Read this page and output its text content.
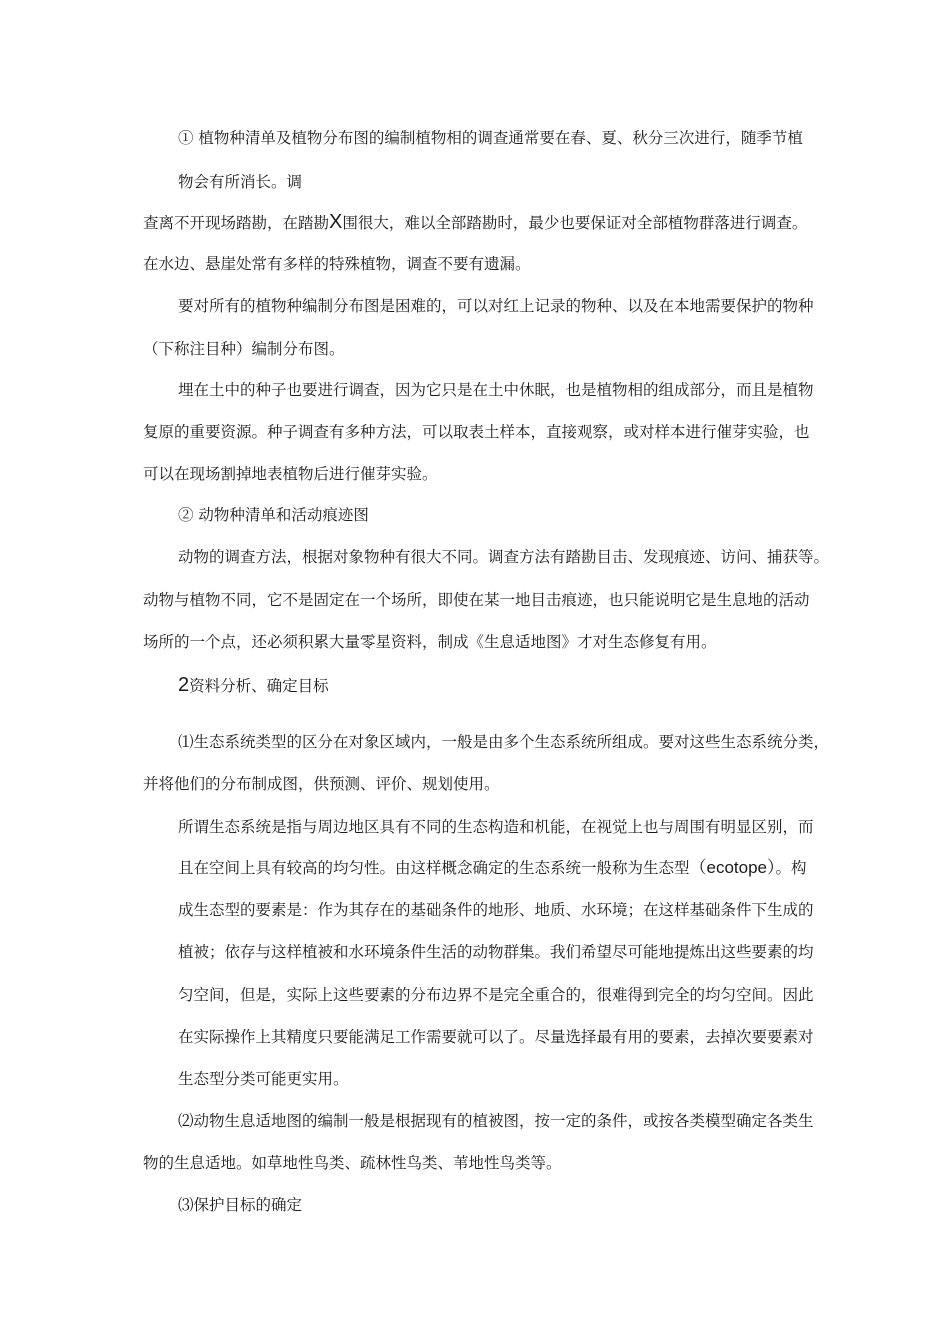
① 植物种清单及植物分布图的编制植物相的调查通常要在春、夏、秋分三次进行，随季节植

物会有所消长。调

查离不开现场踏勘，在踏勘X围很大，难以全部踏勘时，最少也要保证对全部植物群落进行调查。

在水边、悬崖处常有多样的特殊植物，调查不要有遗漏。

要对所有的植物种编制分布图是困难的，可以对红上记录的物种、以及在本地需要保护的物种

（下称注目种）编制分布图。

埋在土中的种子也要进行调查，因为它只是在土中休眠，也是植物相的组成部分，而且是植物

复原的重要资源。种子调查有多种方法，可以取表土样本，直接观察，或对样本进行催芽实验，也

可以在现场割掉地表植物后进行催芽实验。

② 动物种清单和活动痕迹图

动物的调查方法，根据对象物种有很大不同。调查方法有踏勘目击、发现痕迹、访问、捕获等。

动物与植物不同，它不是固定在一个场所，即使在某一地目击痕迹，也只能说明它是生息地的活动

场所的一个点，还必须积累大量零星资料，制成《生息适地图》才对生态修复有用。

2资料分析、确定目标

⑴生态系统类型的区分在对象区域内，一般是由多个生态系统所组成。要对这些生态系统分类，

并将他们的分布制成图，供预测、评价、规划使用。

所谓生态系统是指与周边地区具有不同的生态构造和机能，在视觉上也与周围有明显区别，而

且在空间上具有较高的均匀性。由这样概念确定的生态系统一般称为生态型（ecotope）。构

成生态型的要素是：作为其存在的基础条件的地形、地质、水环境；在这样基础条件下生成的

植被；依存与这样植被和水环境条件生活的动物群集。我们希望尽可能地提炼出这些要素的均

匀空间，但是，实际上这些要素的分布边界不是完全重合的，很难得到完全的均匀空间。因此

在实际操作上其精度只要能满足工作需要就可以了。尽量选择最有用的要素，去掉次要要素对

生态型分类可能更实用。

⑵动物生息适地图的编制一般是根据现有的植被图，按一定的条件，或按各类模型确定各类生

物的生息适地。如草地性鸟类、疏林性鸟类、苇地性鸟类等。

⑶保护目标的确定
